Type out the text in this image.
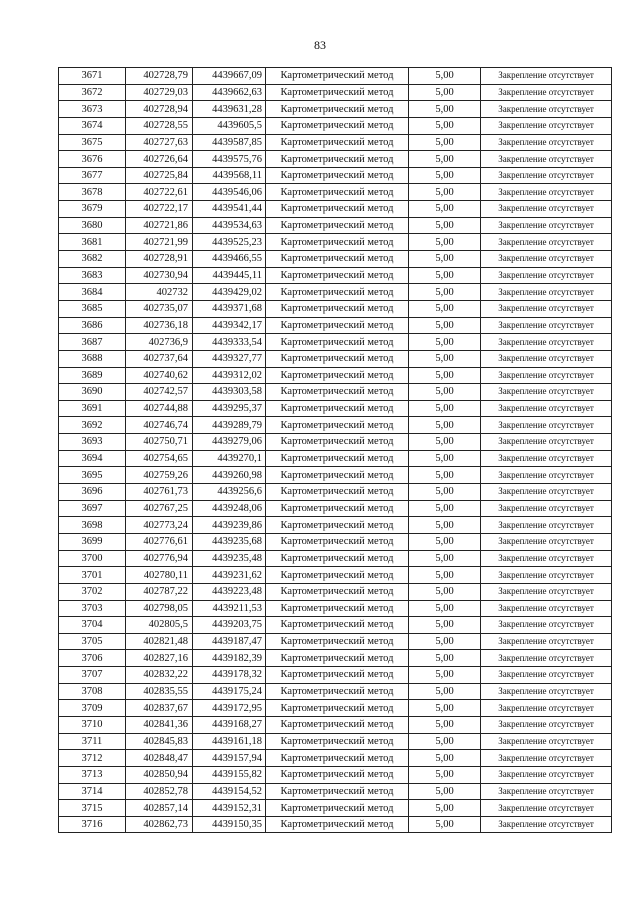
83
3671	402728,79	4439667,09	Картометрический метод	5,00	Закрепление отсутствует
3672	402729,03	4439662,63	Картометрический метод	5,00	Закрепление отсутствует
3673	402728,94	4439631,28	Картометрический метод	5,00	Закрепление отсутствует
3674	402728,55	4439605,5	Картометрический метод	5,00	Закрепление отсутствует
3675	402727,63	4439587,85	Картометрический метод	5,00	Закрепление отсутствует
3676	402726,64	4439575,76	Картометрический метод	5,00	Закрепление отсутствует
3677	402725,84	4439568,11	Картометрический метод	5,00	Закрепление отсутствует
3678	402722,61	4439546,06	Картометрический метод	5,00	Закрепление отсутствует
3679	402722,17	4439541,44	Картометрический метод	5,00	Закрепление отсутствует
3680	402721,86	4439534,63	Картометрический метод	5,00	Закрепление отсутствует
3681	402721,99	4439525,23	Картометрический метод	5,00	Закрепление отсутствует
3682	402728,91	4439466,55	Картометрический метод	5,00	Закрепление отсутствует
3683	402730,94	4439445,11	Картометрический метод	5,00	Закрепление отсутствует
3684	402732	4439429,02	Картометрический метод	5,00	Закрепление отсутствует
3685	402735,07	4439371,68	Картометрический метод	5,00	Закрепление отсутствует
3686	402736,18	4439342,17	Картометрический метод	5,00	Закрепление отсутствует
3687	402736,9	4439333,54	Картометрический метод	5,00	Закрепление отсутствует
3688	402737,64	4439327,77	Картометрический метод	5,00	Закрепление отсутствует
3689	402740,62	4439312,02	Картометрический метод	5,00	Закрепление отсутствует
3690	402742,57	4439303,58	Картометрический метод	5,00	Закрепление отсутствует
3691	402744,88	4439295,37	Картометрический метод	5,00	Закрепление отсутствует
3692	402746,74	4439289,79	Картометрический метод	5,00	Закрепление отсутствует
3693	402750,71	4439279,06	Картометрический метод	5,00	Закрепление отсутствует
3694	402754,65	4439270,1	Картометрический метод	5,00	Закрепление отсутствует
3695	402759,26	4439260,98	Картометрический метод	5,00	Закрепление отсутствует
3696	402761,73	4439256,6	Картометрический метод	5,00	Закрепление отсутствует
3697	402767,25	4439248,06	Картометрический метод	5,00	Закрепление отсутствует
3698	402773,24	4439239,86	Картометрический метод	5,00	Закрепление отсутствует
3699	402776,61	4439235,68	Картометрический метод	5,00	Закрепление отсутствует
3700	402776,94	4439235,48	Картометрический метод	5,00	Закрепление отсутствует
3701	402780,11	4439231,62	Картометрический метод	5,00	Закрепление отсутствует
3702	402787,22	4439223,48	Картометрический метод	5,00	Закрепление отсутствует
3703	402798,05	4439211,53	Картометрический метод	5,00	Закрепление отсутствует
3704	402805,5	4439203,75	Картометрический метод	5,00	Закрепление отсутствует
3705	402821,48	4439187,47	Картометрический метод	5,00	Закрепление отсутствует
3706	402827,16	4439182,39	Картометрический метод	5,00	Закрепление отсутствует
3707	402832,22	4439178,32	Картометрический метод	5,00	Закрепление отсутствует
3708	402835,55	4439175,24	Картометрический метод	5,00	Закрепление отсутствует
3709	402837,67	4439172,95	Картометрический метод	5,00	Закрепление отсутствует
3710	402841,36	4439168,27	Картометрический метод	5,00	Закрепление отсутствует
3711	402845,83	4439161,18	Картометрический метод	5,00	Закрепление отсутствует
3712	402848,47	4439157,94	Картометрический метод	5,00	Закрепление отсутствует
3713	402850,94	4439155,82	Картометрический метод	5,00	Закрепление отсутствует
3714	402852,78	4439154,52	Картометрический метод	5,00	Закрепление отсутствует
3715	402857,14	4439152,31	Картометрический метод	5,00	Закрепление отсутствует
3716	402862,73	4439150,35	Картометрический метод	5,00	Закрепление отсутствует
